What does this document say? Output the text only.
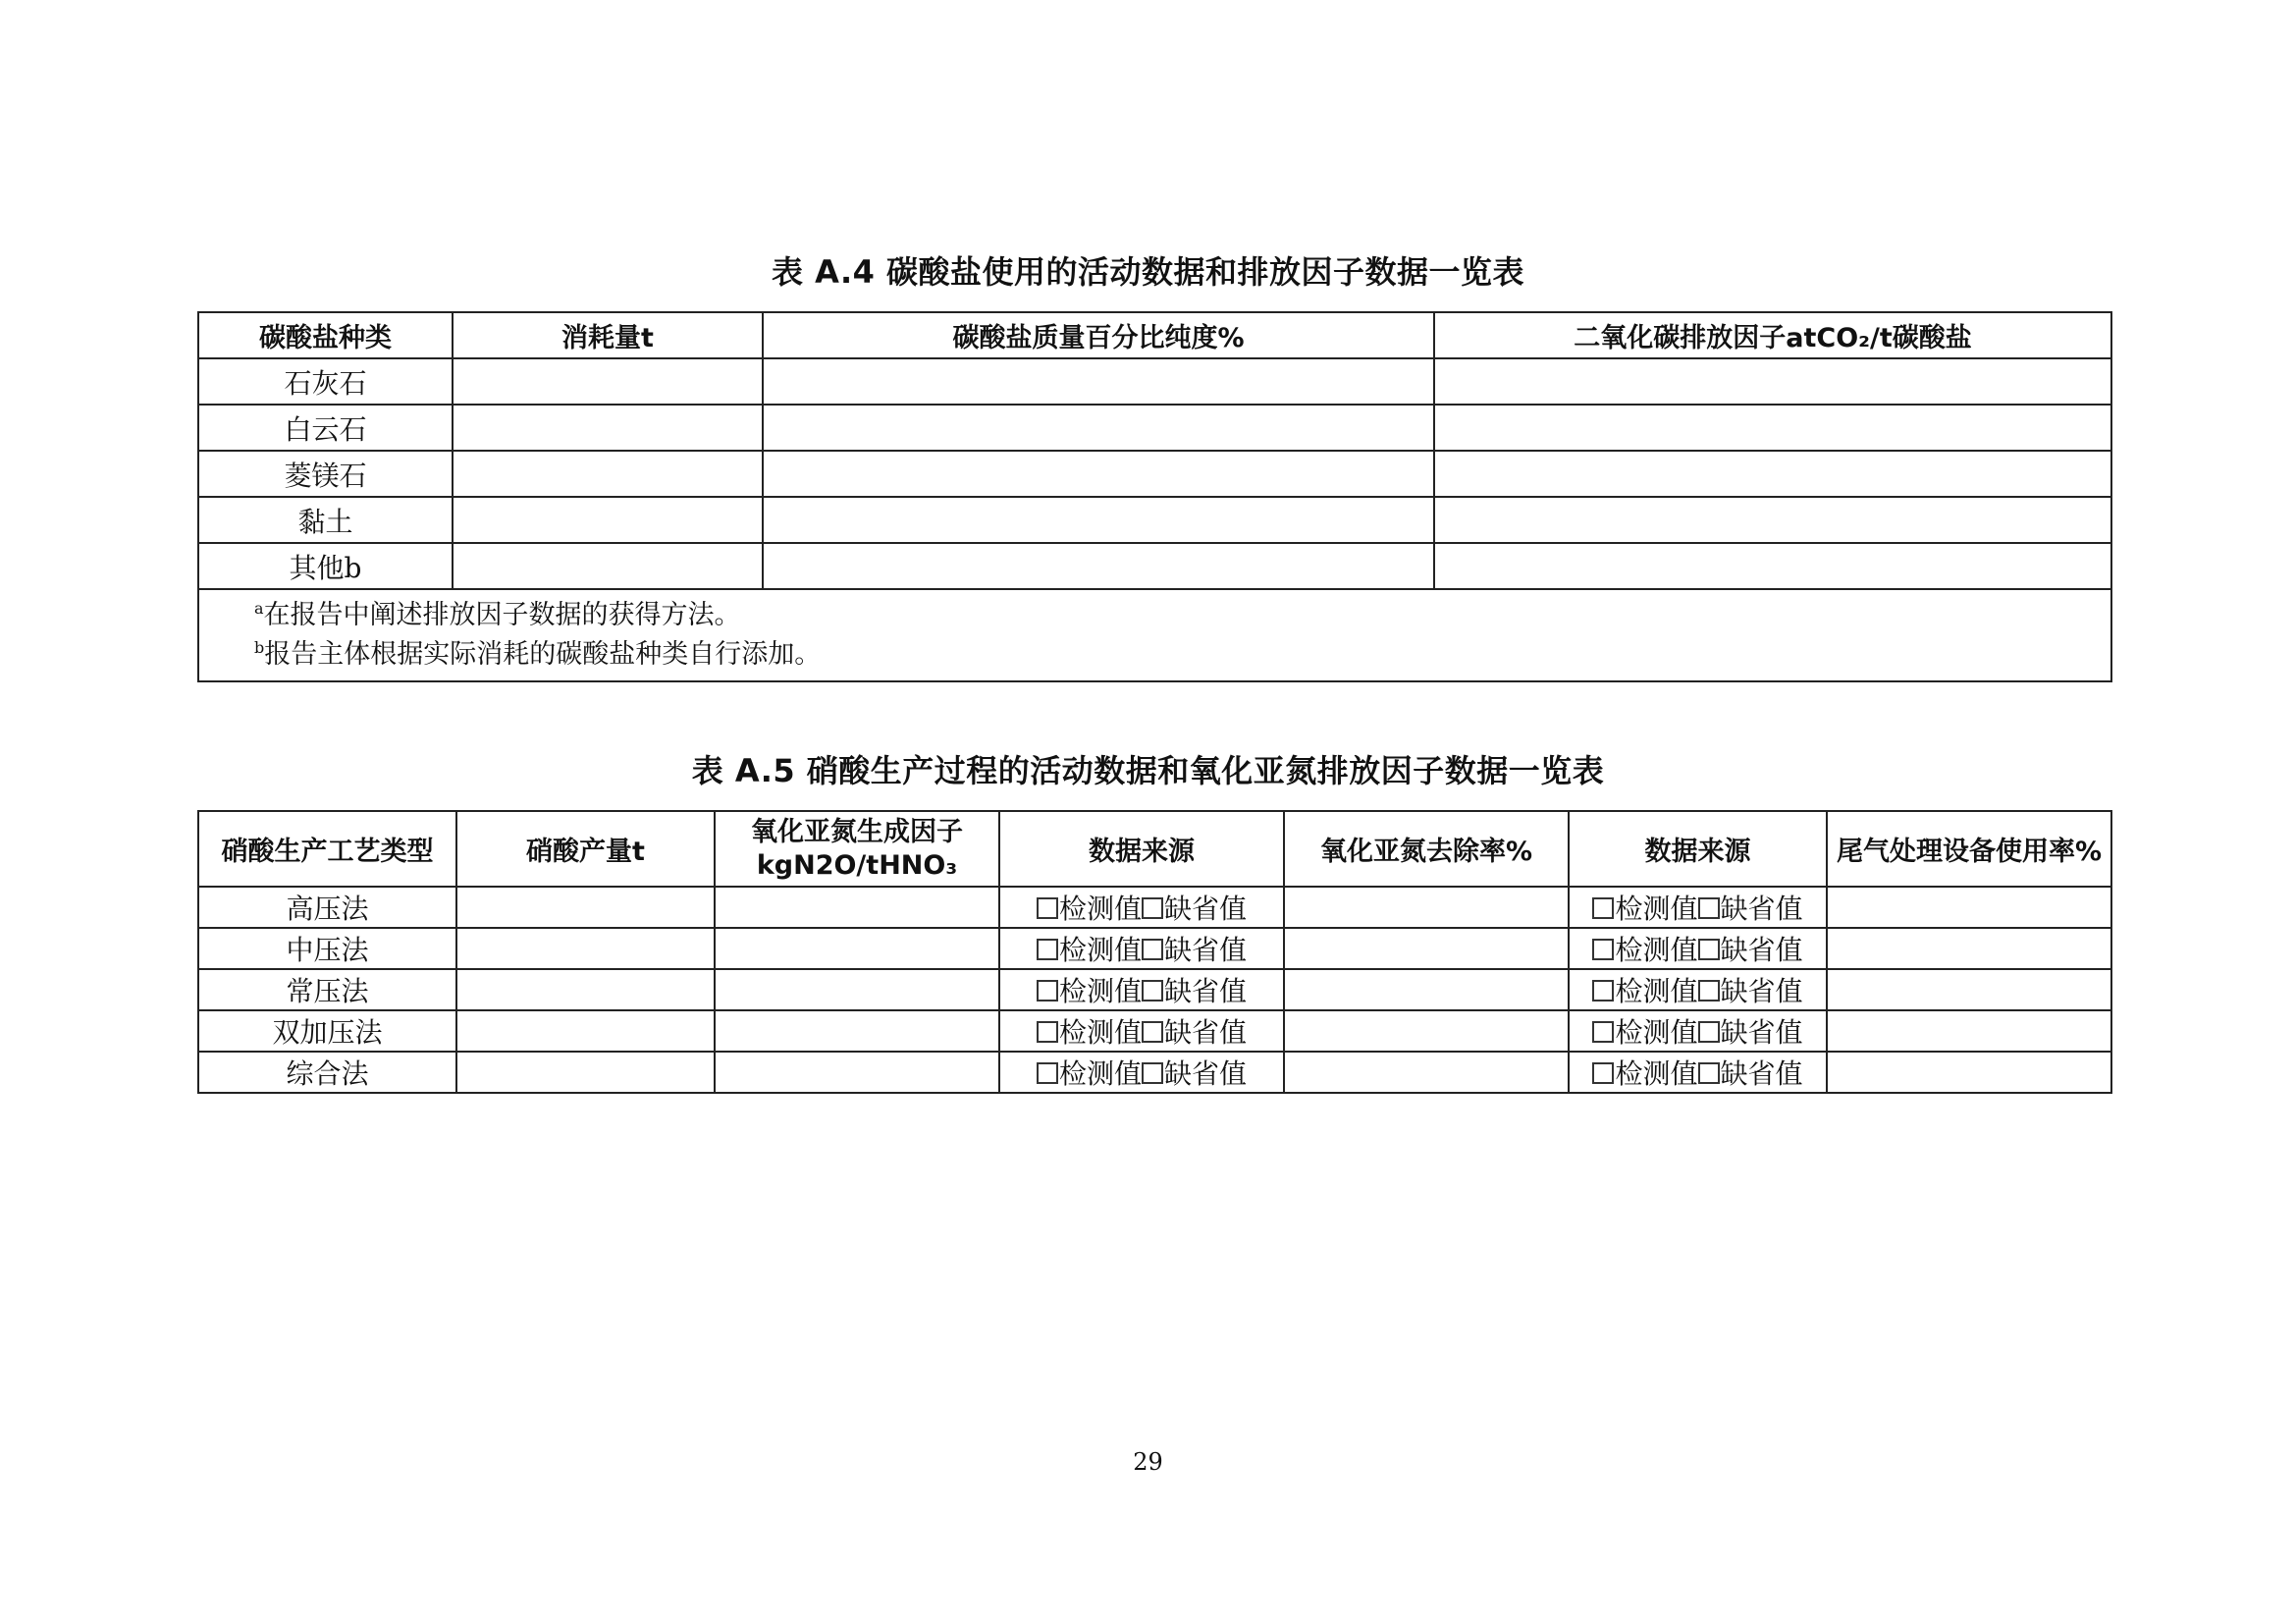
表 A.4 碳酸盐使用的活动数据和排放因子数据一览表
碳酸盐种类	消耗量t	碳酸盐质量百分比纯度%	二氧化碳排放因子atCO₂/t碳酸盐
石灰石			
白云石			
菱镁石			
黏土			
其他b			

$^a$在报告中阐述排放因子数据的获得方法。
$^b$报告主体根据实际消耗的碳酸盐种类自行添加。			
表 A.5 硝酸生产过程的活动数据和氧化亚氮排放因子数据一览表
硝酸生产工艺类型	硝酸产量t	氧化亚氮生成因子
kgN2O/tHNO₃	数据来源	氧化亚氮去除率%	数据来源	尾气处理设备使用率%
高压法			检测值 缺省值		检测值 缺省值	
中压法			检测值 缺省值		检测值 缺省值	
常压法			检测值 缺省值		检测值 缺省值	
双加压法			检测值 缺省值		检测值 缺省值	
综合法			检测值 缺省值		检测值 缺省值	
29
